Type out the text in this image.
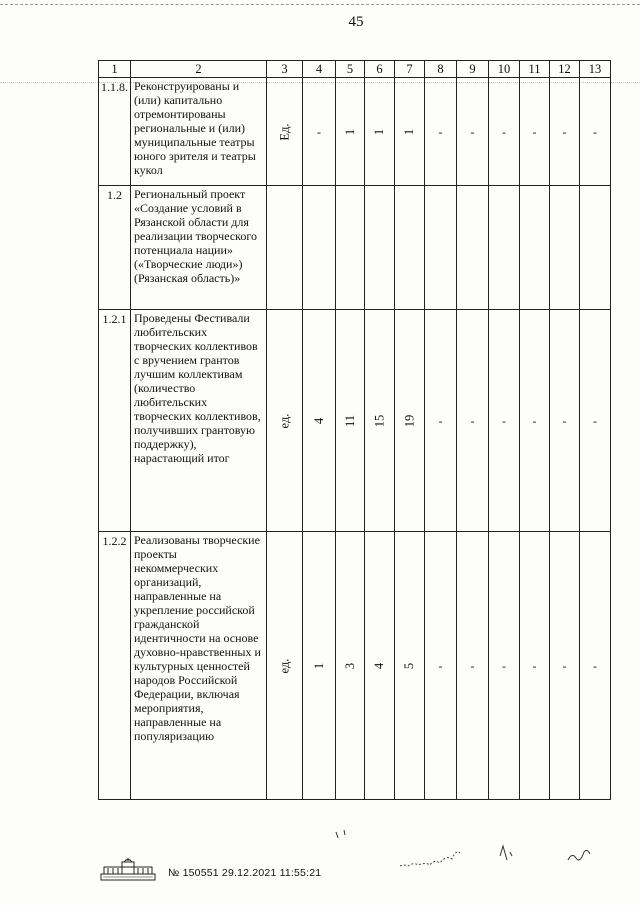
45
1	2	3	4	5	6	7	8	9	10	11	12	13
1.1.8.	Реконструированы и (или) капитально отремонтированы региональные и (или) муниципальные театры юного зрителя и театры кукол	Ед.	-	1	1	1	-	-	-	-	-	-
1.2	Региональный проект «Создание условий в Рязанской области для реализации творческого потенциала нации» («Творческие люди») (Рязанская область)»											
1.2.1	Проведены Фестивали любительских творческих коллективов с вручением грантов лучшим коллективам (количество любительских творческих коллективов, получивших грантовую поддержку), нарастающий итог	ед.	4	11	15	19	-	-	-	-	-	-
1.2.2	Реализованы творческие проекты некоммерческих организаций, направленные на укрепление российской гражданской идентичности на основе духовно-нравственных и культурных ценностей народов Российской Федерации, включая мероприятия, направленные на популяризацию	ед.	1	3	4	5	-	-	-	-	-	-
№ 150551 29.12.2021 11:55:21
